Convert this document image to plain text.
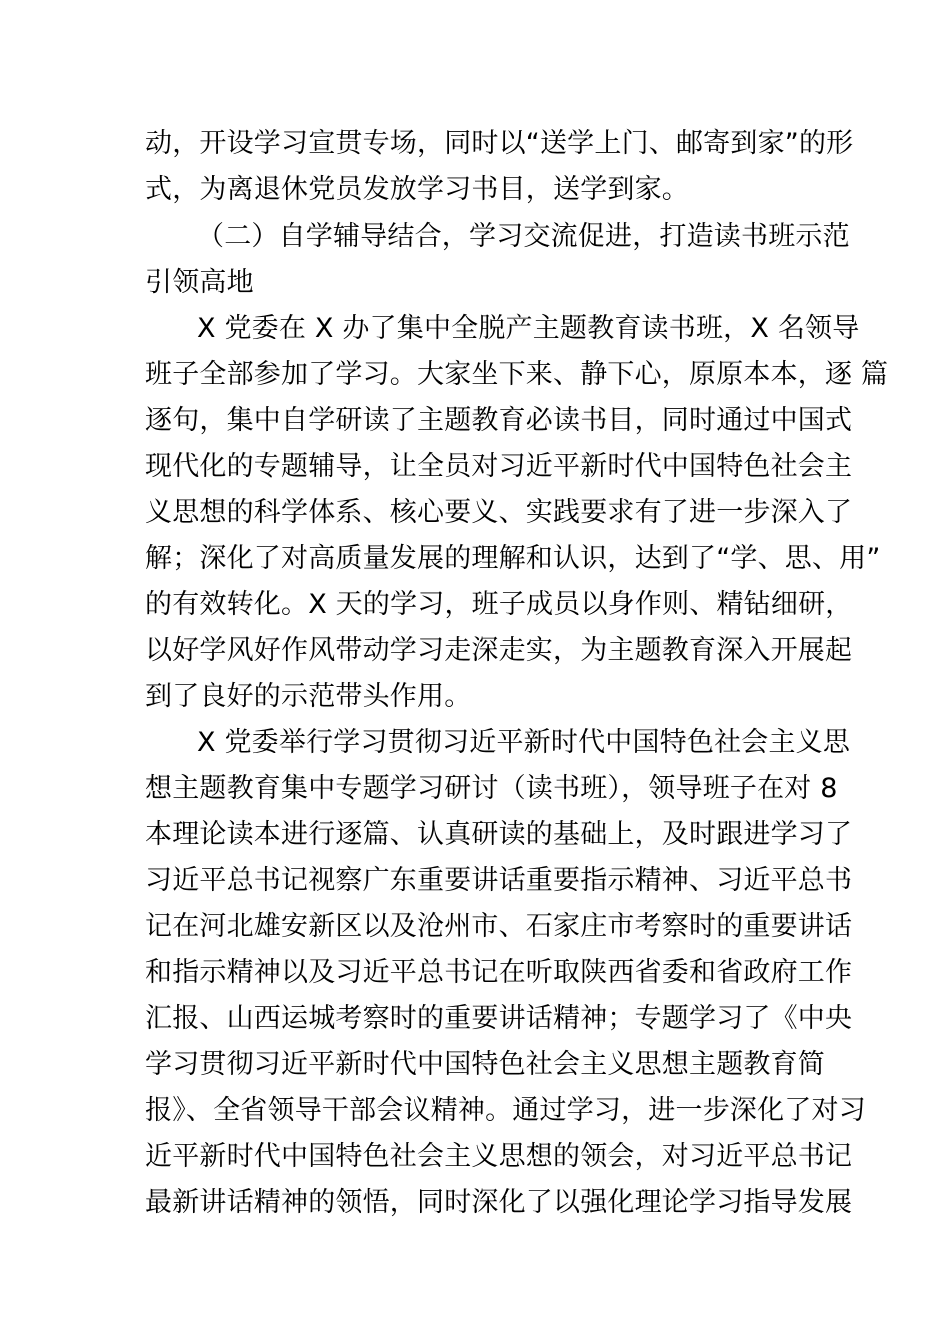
动，开设学习宣贯专场，同时以“送学上门、邮寄到家”的形
式，为离退休党员发放学习书目，送学到家。
（二）自学辅导结合，学习交流促进，打造读书班示范
引领高地
X 党委在 X 办了集中全脱产主题教育读书班，X 名领导
班子全部参加了学习。大家坐下来、静下心，原原本本，逐 篇
逐句，集中自学研读了主题教育必读书目，同时通过中国式
现代化的专题辅导，让全员对习近平新时代中国特色社会主
义思想的科学体系、核心要义、实践要求有了进一步深入了
解；深化了对高质量发展的理解和认识，达到了“学、思、用”
的有效转化。X 天的学习，班子成员以身作则、精钻细研，
以好学风好作风带动学习走深走实，为主题教育深入开展起
到了良好的示范带头作用。
X 党委举行学习贯彻习近平新时代中国特色社会主义思
想主题教育集中专题学习研讨（读书班），领导班子在对 8
本理论读本进行逐篇、认真研读的基础上，及时跟进学习了
习近平总书记视察广东重要讲话重要指示精神、习近平总书
记在河北雄安新区以及沧州市、石家庄市考察时的重要讲话
和指示精神以及习近平总书记在听取陕西省委和省政府工作
汇报、山西运城考察时的重要讲话精神；专题学习了《中央
学习贯彻习近平新时代中国特色社会主义思想主题教育简
报》、全省领导干部会议精神。通过学习，进一步深化了对习
近平新时代中国特色社会主义思想的领会，对习近平总书记
最新讲话精神的领悟，同时深化了以强化理论学习指导发展
